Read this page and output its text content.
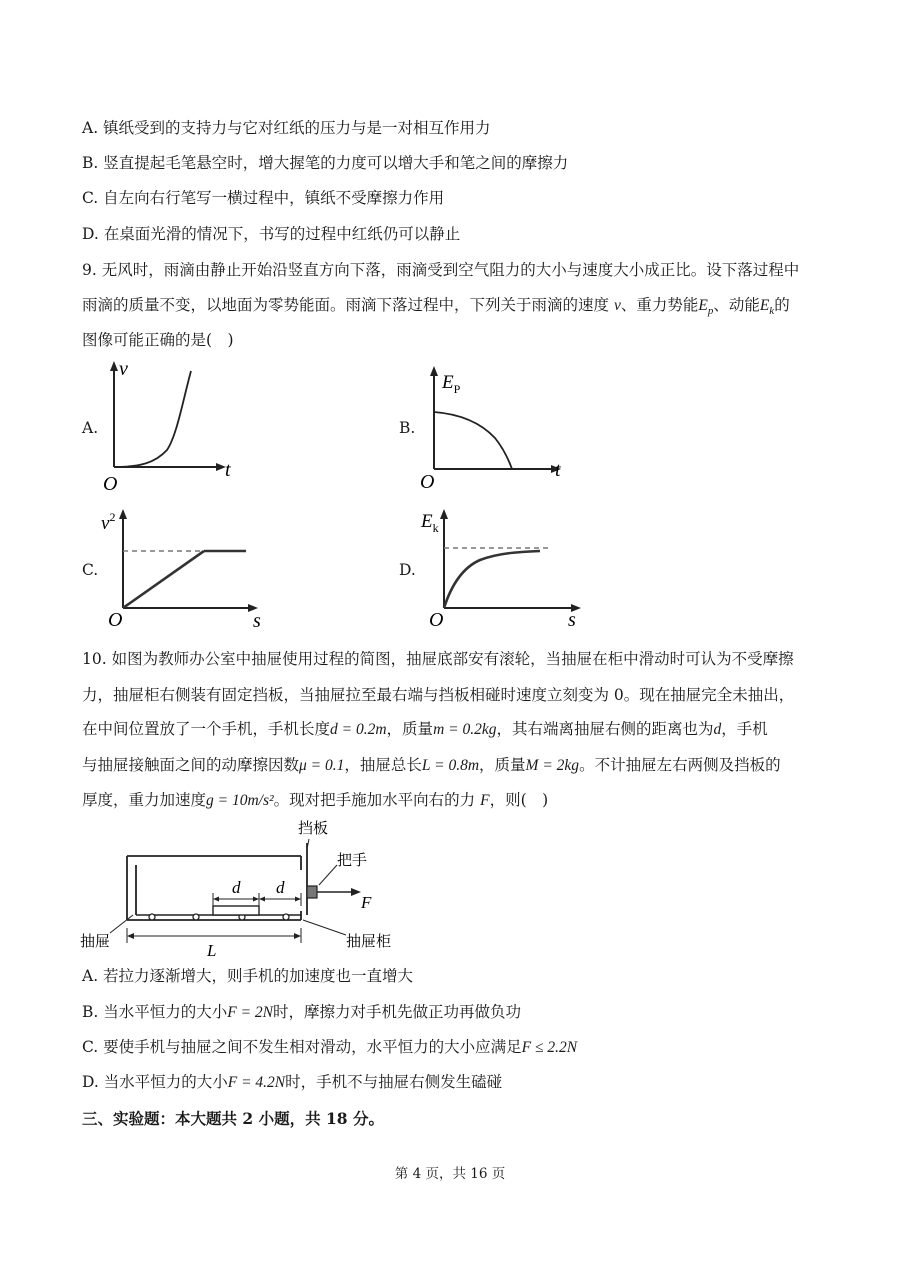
A. 镇纸受到的支持力与它对红纸的压力与是一对相互作用力
B. 竖直提起毛笔悬空时，增大握笔的力度可以增大手和笔之间的摩擦力
C. 自左向右行笔写一横过程中，镇纸不受摩擦力作用
D. 在桌面光滑的情况下，书写的过程中红纸仍可以静止
9. 无风时，雨滴由静止开始沿竖直方向下落，雨滴受到空气阻力的大小与速度大小成正比。设下落过程中
雨滴的质量不变，以地面为零势能面。雨滴下落过程中，下列关于雨滴的速度 v、重力势能$E_p$、动能$E_k$的
图像可能正确的是(　)
A.	B.
C.	D.
v
t
O
$E_P$
t
O
$v^2$
s
O
$E_k$
s
O
10. 如图为教师办公室中抽屉使用过程的简图，抽屉底部安有滚轮，当抽屉在柜中滑动时可认为不受摩擦
力，抽屉柜右侧装有固定挡板，当抽屉拉至最右端与挡板相碰时速度立刻变为 0。现在抽屉完全未抽出，
在中间位置放了一个手机，手机长度d = 0.2m，质量m = 0.2kg，其右端离抽屉右侧的距离也为d，手机
与抽屉接触面之间的动摩擦因数μ = 0.1，抽屉总长L = 0.8m，质量M = 2kg。不计抽屉左右两侧及挡板的
厚度，重力加速度g = 10m/s²。现对把手施加水平向右的力 F，则(　)
d d
F
挡板
把手
L
抽屉	抽屉柜
A. 若拉力逐渐增大，则手机的加速度也一直增大
B. 当水平恒力的大小F = 2N时，摩擦力对手机先做正功再做负功
C. 要使手机与抽屉之间不发生相对滑动，水平恒力的大小应满足F ≤ 2.2N
D. 当水平恒力的大小F = 4.2N时，手机不与抽屉右侧发生磕碰
三、实验题：本大题共 2 小题，共 18 分。
第 4 页，共 16 页
